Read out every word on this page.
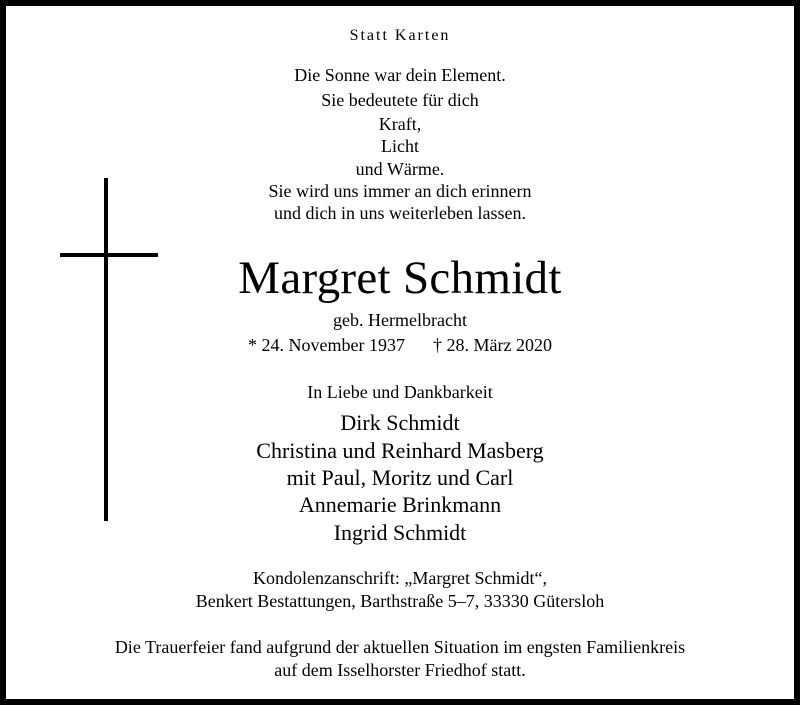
Statt Karten
Die Sonne war dein Element.
Sie bedeutete für dich
Kraft,
Licht
und Wärme.
Sie wird uns immer an dich erinnern
und dich in uns weiterleben lassen.
Margret Schmidt
geb. Hermelbracht
* 24. November 1937 † 28. März 2020
In Liebe und Dankbarkeit
Dirk Schmidt
Christina und Reinhard Masberg
mit Paul, Moritz und Carl
Annemarie Brinkmann
Ingrid Schmidt
Kondolenzanschrift: „Margret Schmidt“,
Benkert Bestattungen, Barthstraße 5–7, 33330 Gütersloh
Die Trauerfeier fand aufgrund der aktuellen Situation im engsten Familienkreis
auf dem Isselhorster Friedhof statt.
